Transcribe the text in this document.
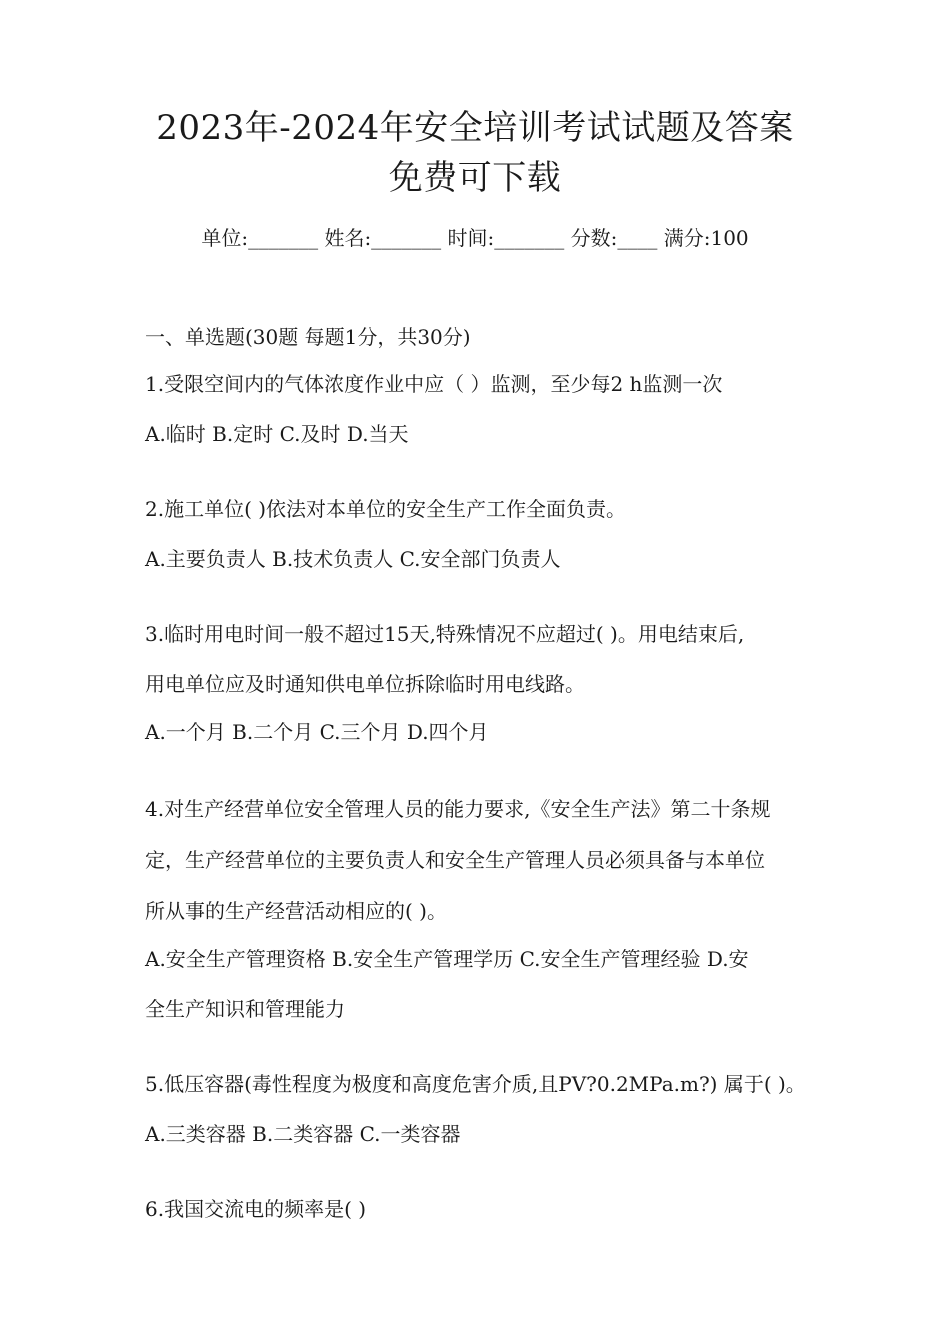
2023年-2024年安全培训考试试题及答案
免费可下载
单位:_______ 姓名:_______ 时间:_______ 分数:____ 满分:100
一、单选题(30题 每题1分，共30分)
1.受限空间内的气体浓度作业中应（ ）监测，至少每2 h监测一次
A.临时 B.定时 C.及时 D.当天
2.施工单位( )依法对本单位的安全生产工作全面负责。
A.主要负责人 B.技术负责人 C.安全部门负责人
3.临时用电时间一般不超过15天,特殊情况不应超过( )。用电结束后,
用电单位应及时通知供电单位拆除临时用电线路。
A.一个月 B.二个月 C.三个月 D.四个月
4.对生产经营单位安全管理人员的能力要求,《安全生产法》第二十条规
定，生产经营单位的主要负责人和安全生产管理人员必须具备与本单位
所从事的生产经营活动相应的( )。
A.安全生产管理资格 B.安全生产管理学历 C.安全生产管理经验 D.安
全生产知识和管理能力
5.低压容器(毒性程度为极度和高度危害介质,且PV?0.2MPa.m?) 属于( )。
A.三类容器 B.二类容器 C.一类容器
6.我国交流电的频率是( )
